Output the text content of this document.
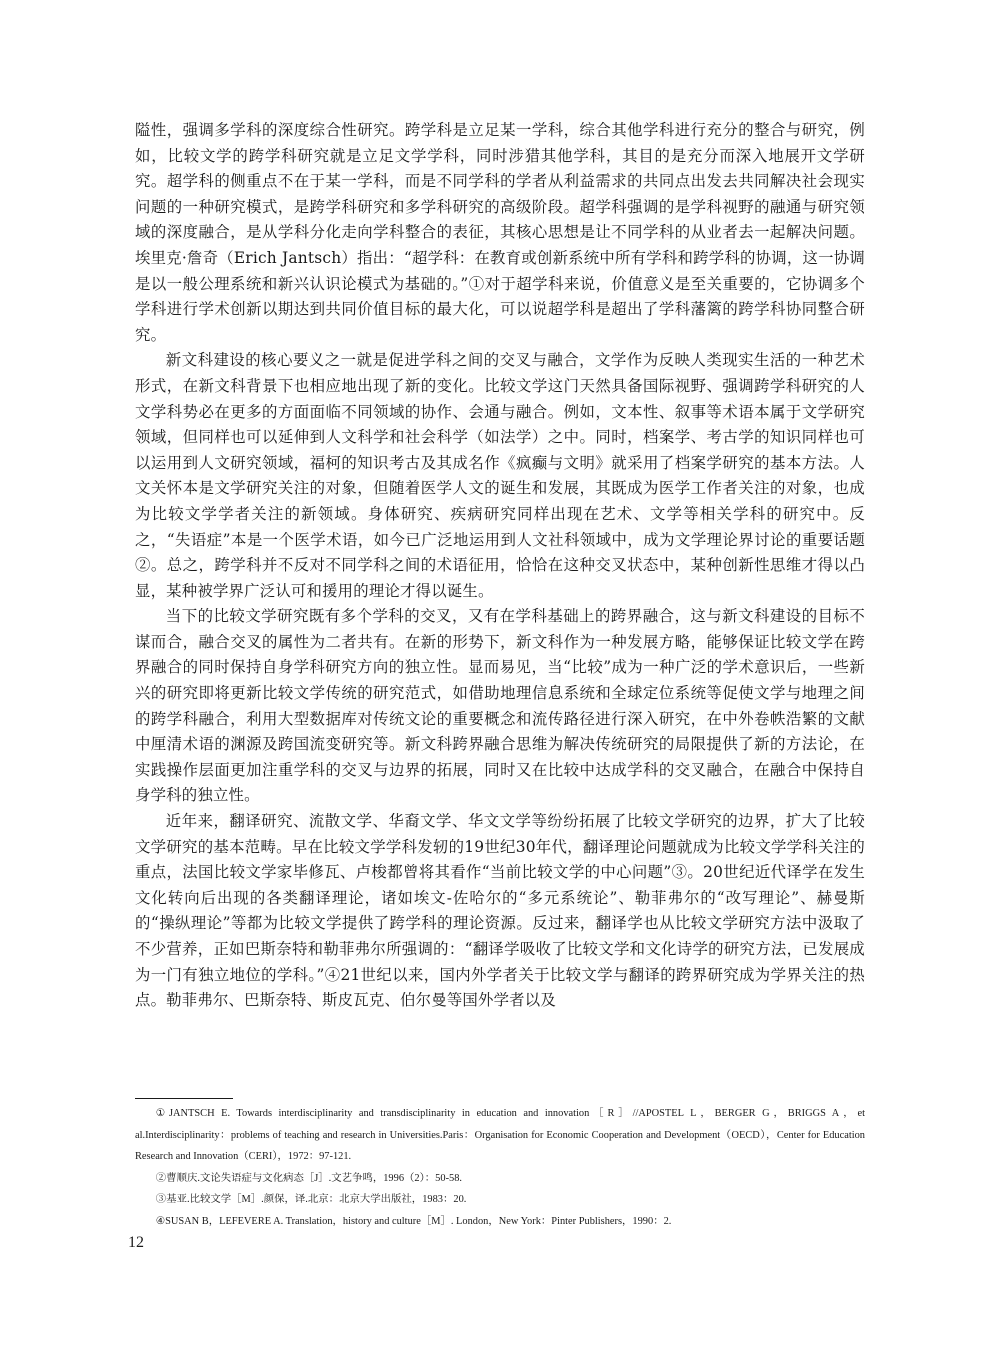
隘性，强调多学科的深度综合性研究。跨学科是立足某一学科，综合其他学科进行充分的整合与研究，例如，比较文学的跨学科研究就是立足文学学科，同时涉猎其他学科，其目的是充分而深入地展开文学研究。超学科的侧重点不在于某一学科，而是不同学科的学者从利益需求的共同点出发去共同解决社会现实问题的一种研究模式，是跨学科研究和多学科研究的高级阶段。超学科强调的是学科视野的融通与研究领域的深度融合，是从学科分化走向学科整合的表征，其核心思想是让不同学科的从业者去一起解决问题。埃里克·詹奇（Erich Jantsch）指出：“超学科：在教育或创新系统中所有学科和跨学科的协调，这一协调是以一般公理系统和新兴认识论模式为基础的。”①对于超学科来说，价值意义是至关重要的，它协调多个学科进行学术创新以期达到共同价值目标的最大化，可以说超学科是超出了学科藩篱的跨学科协同整合研究。

新文科建设的核心要义之一就是促进学科之间的交叉与融合，文学作为反映人类现实生活的一种艺术形式，在新文科背景下也相应地出现了新的变化。比较文学这门天然具备国际视野、强调跨学科研究的人文学科势必在更多的方面面临不同领域的协作、会通与融合。例如，文本性、叙事等术语本属于文学研究领域，但同样也可以延伸到人文科学和社会科学（如法学）之中。同时，档案学、考古学的知识同样也可以运用到人文研究领域，福柯的知识考古及其成名作《疯癫与文明》就采用了档案学研究的基本方法。人文关怀本是文学研究关注的对象，但随着医学人文的诞生和发展，其既成为医学工作者关注的对象，也成为比较文学学者关注的新领域。身体研究、疾病研究同样出现在艺术、文学等相关学科的研究中。反之，“失语症”本是一个医学术语，如今已广泛地运用到人文社科领域中，成为文学理论界讨论的重要话题②。总之，跨学科并不反对不同学科之间的术语征用，恰恰在这种交叉状态中，某种创新性思维才得以凸显，某种被学界广泛认可和援用的理论才得以诞生。

当下的比较文学研究既有多个学科的交叉，又有在学科基础上的跨界融合，这与新文科建设的目标不谋而合，融合交叉的属性为二者共有。在新的形势下，新文科作为一种发展方略，能够保证比较文学在跨界融合的同时保持自身学科研究方向的独立性。显而易见，当“比较”成为一种广泛的学术意识后，一些新兴的研究即将更新比较文学传统的研究范式，如借助地理信息系统和全球定位系统等促使文学与地理之间的跨学科融合，利用大型数据库对传统文论的重要概念和流传路径进行深入研究，在中外卷帙浩繁的文献中厘清术语的渊源及跨国流变研究等。新文科跨界融合思维为解决传统研究的局限提供了新的方法论，在实践操作层面更加注重学科的交叉与边界的拓展，同时又在比较中达成学科的交叉融合，在融合中保持自身学科的独立性。

近年来，翻译研究、流散文学、华裔文学、华文文学等纷纷拓展了比较文学研究的边界，扩大了比较文学研究的基本范畴。早在比较文学学科发轫的19世纪30年代，翻译理论问题就成为比较文学学科关注的重点，法国比较文学家毕修瓦、卢梭都曾将其看作“当前比较文学的中心问题”③。20世纪近代译学在发生文化转向后出现的各类翻译理论，诸如埃文-佐哈尔的“多元系统论”、勒菲弗尔的“改写理论”、赫曼斯的“操纵理论”等都为比较文学提供了跨学科的理论资源。反过来，翻译学也从比较文学研究方法中汲取了不少营养，正如巴斯奈特和勒菲弗尔所强调的：“翻译学吸收了比较文学和文化诗学的研究方法，已发展成为一门有独立地位的学科。”④21世纪以来，国内外学者关于比较文学与翻译的跨界研究成为学界关注的热点。勒菲弗尔、巴斯奈特、斯皮瓦克、伯尔曼等国外学者以及

①JANTSCH E. Towards interdisciplinarity and transdisciplinarity in education and innovation［R］//APOSTEL L，BERGER G，BRIGGS A，et al.Interdisciplinarity：problems of teaching and research in Universities.Paris：Organisation for Economic Cooperation and Development（OECD），Center for Education Research and Innovation（CERI），1972：97-121.

②曹顺庆.文论失语症与文化病态［J］.文艺争鸣，1996（2）：50-58.

③基亚.比较文学［M］.颜保，译.北京：北京大学出版社，1983：20.

④SUSAN B，LEFEVERE A. Translation，history and culture［M］. London，New York：Pinter Publishers，1990：2.

12
